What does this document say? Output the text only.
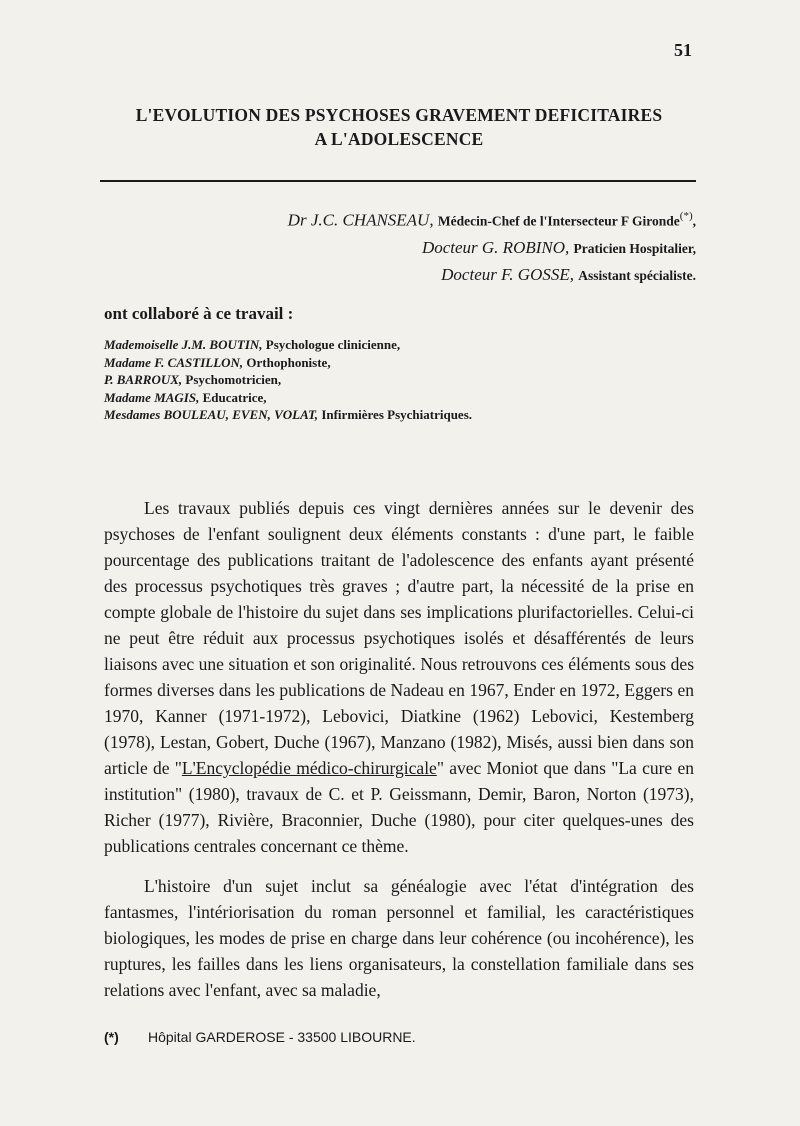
51
L'EVOLUTION DES PSYCHOSES GRAVEMENT DEFICITAIRES
A L'ADOLESCENCE
Dr J.C. CHANSEAU, Médecin-Chef de l'Intersecteur F Gironde(*),
Docteur G. ROBINO, Praticien Hospitalier,
Docteur F. GOSSE, Assistant spécialiste.
ont collaboré à ce travail :
Mademoiselle J.M. BOUTIN, Psychologue clinicienne,
Madame F. CASTILLON, Orthophoniste,
P. BARROUX, Psychomotricien,
Madame MAGIS, Educatrice,
Mesdames BOULEAU, EVEN, VOLAT, Infirmières Psychiatriques.

Les travaux publiés depuis ces vingt dernières années sur le devenir des psychoses de l'enfant soulignent deux éléments constants : d'une part, le faible pourcentage des publications traitant de l'adolescence des enfants ayant présenté des processus psychotiques très graves ; d'autre part, la nécessité de la prise en compte globale de l'histoire du sujet dans ses implications plurifactorielles. Celui-ci ne peut être réduit aux processus psychotiques isolés et désafférentés de leurs liaisons avec une situation et son originalité. Nous retrouvons ces éléments sous des formes diverses dans les publications de Nadeau en 1967, Ender en 1972, Eggers en 1970, Kanner (1971-1972), Lebovici, Diatkine (1962) Lebovici, Kestemberg (1978), Lestan, Gobert, Duche (1967), Manzano (1982), Misés, aussi bien dans son article de "L'Encyclopédie médico-chirurgicale" avec Moniot que dans "La cure en institution" (1980), travaux de C. et P. Geissmann, Demir, Baron, Norton (1973), Richer (1977), Rivière, Braconnier, Duche (1980), pour citer quelques-unes des publications centrales concernant ce thème.

L'histoire d'un sujet inclut sa généalogie avec l'état d'intégration des fantasmes, l'intériorisation du roman personnel et familial, les caractéristiques biologiques, les modes de prise en charge dans leur cohérence (ou incohérence), les ruptures, les failles dans les liens organisateurs, la constellation familiale dans ses relations avec l'enfant, avec sa maladie,

(*) Hôpital GARDEROSE - 33500 LIBOURNE.
